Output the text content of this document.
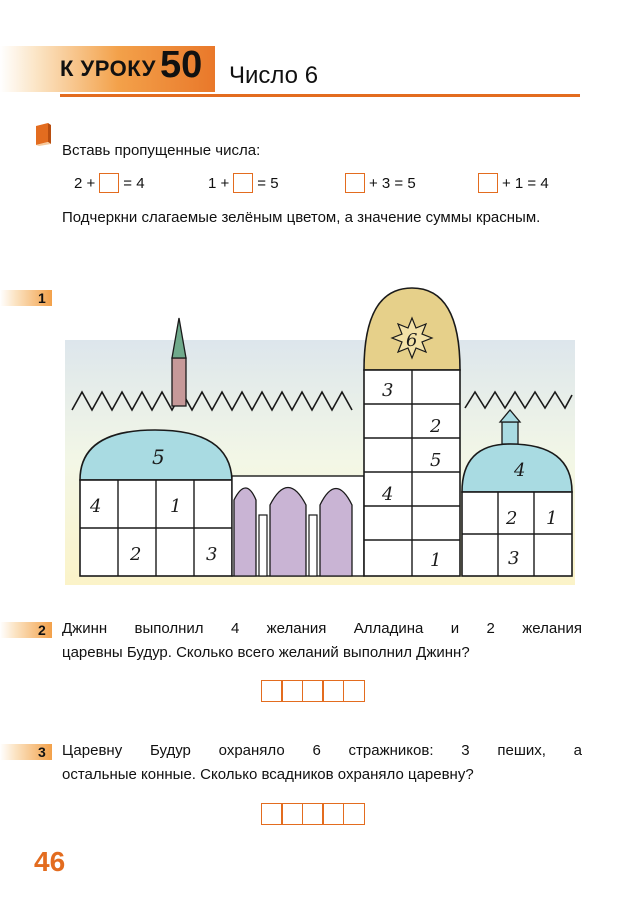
К УРОКУ 50 Число 6
Вставь пропущенные числа:
2 + = 4	1 + = 5	+ 3 = 5	+ 1 = 4
Подчеркни слагаемые зелёным цветом, а значение суммы красным.
1
5
4	1
2	3
6
3
2
5
4
1
4
2 1
3
2 Джинн выполнил 4 желания Алладина и 2 желания
царевны Будур. Сколько всего желаний выполнил Джинн?
3 Царевну Будур охраняло 6 стражников: 3 пеших, а
остальные конные. Сколько всадников охраняло царевну?
46
